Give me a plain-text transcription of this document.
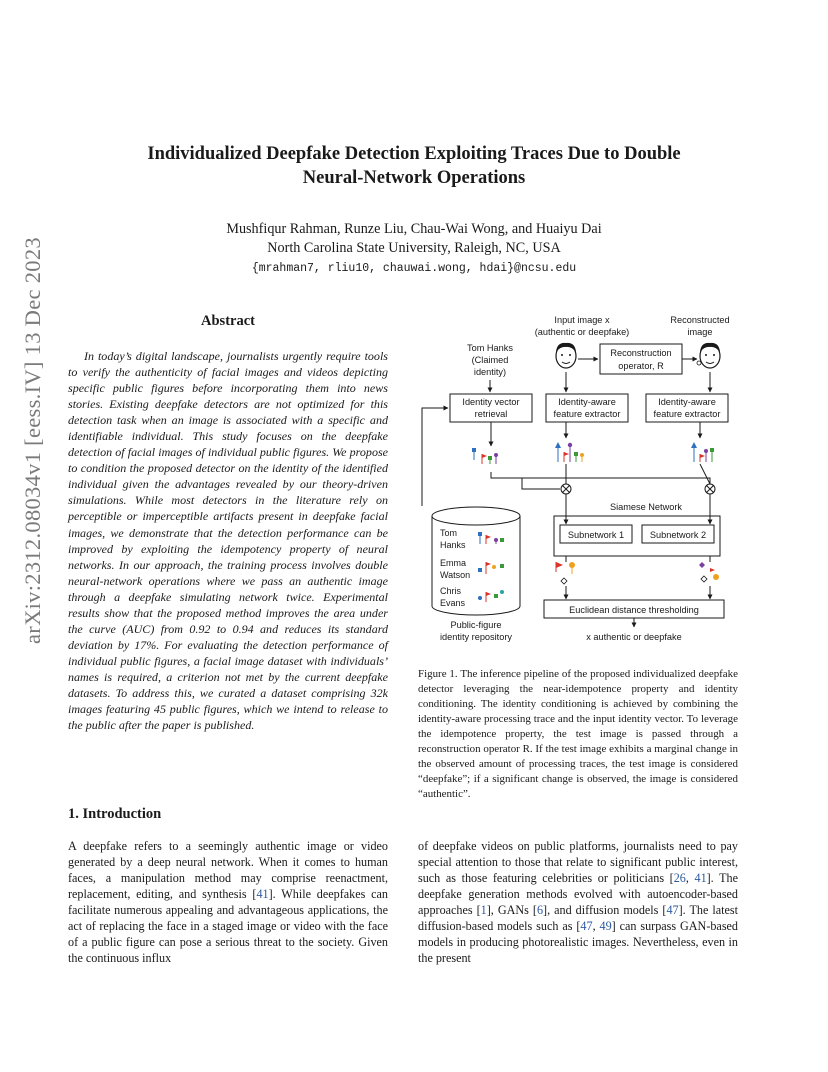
arXiv:2312.08034v1 [eess.IV] 13 Dec 2023
Individualized Deepfake Detection Exploiting Traces Due to Double
Neural-Network Operations
Mushfiqur Rahman, Runze Liu, Chau-Wai Wong, and Huaiyu Dai
North Carolina State University, Raleigh, NC, USA
{mrahman7, rliu10, chauwai.wong, hdai}@ncsu.edu
Abstract

In today’s digital landscape, journalists urgently require tools to verify the authenticity of facial images and videos depicting specific public figures before incorporating them into news stories. Existing deepfake detectors are not optimized for this detection task when an image is associated with a specific and identifiable individual. This study focuses on the deepfake detection of facial images of individual public figures. We propose to condition the proposed detector on the identity of the identified individual given the advantages revealed by our theory-driven simulations. While most detectors in the literature rely on perceptible or imperceptible artifacts present in deepfake facial images, we demonstrate that the detection performance can be improved by exploiting the idempotency property of neural networks. In our approach, the training process involves double neural-network operations where we pass an authentic image through a deepfake simulating network twice. Experimental results show that the proposed method improves the area under the curve (AUC) from 0.92 to 0.94 and reduces its standard deviation by 17%. For evaluating the detection performance of individual public figures, a facial image dataset with individuals’ names is required, a criterion not met by the current deepfake datasets. To address this, we curated a dataset comprising 32k images featuring 45 public figures, which we intend to release to the public after the paper is published.

Input image x
(authentic or deepfake)
Reconstructed
image
Tom Hanks
(Claimed
identity)
Reconstruction
operator, R
Identity vector
retrieval
Identity-aware
feature extractor
Identity-aware
feature extractor
Siamese Network
Subnetwork 1	Subnetwork 2
Euclidean distance thresholding
x authentic or deepfake
Tom
Hanks
Emma
Watson
Chris
Evans
Public-figure
identity repository

Figure 1. The inference pipeline of the proposed individualized deepfake detector leveraging the near-idempotence property and identity conditioning. The identity conditioning is achieved by combining the identity-aware processing trace and the input identity vector. To leverage the idempotence property, the test image is passed through a reconstruction operator R. If the test image exhibits a marginal change in the observed amount of processing traces, the test image is considered “deepfake”; if a significant change is observed, the image is considered “authentic”.

1. Introduction

A deepfake refers to a seemingly authentic image or video generated by a deep neural network. When it comes to human faces, a manipulation method may comprise reenactment, replacement, editing, and synthesis [41]. While deepfakes can facilitate numerous appealing and advantageous applications, the act of replacing the face in a staged image or video with the face of a public figure can pose a serious threat to the society. Given the continuous influx

of deepfake videos on public platforms, journalists need to pay special attention to those that relate to significant public interest, such as those featuring celebrities or politicians [26, 41]. The deepfake generation methods evolved with autoencoder-based approaches [1], GANs [6], and diffusion models [47]. The latest diffusion-based models such as [47, 49] can surpass GAN-based models in producing photorealistic images. Nevertheless, even in the present
